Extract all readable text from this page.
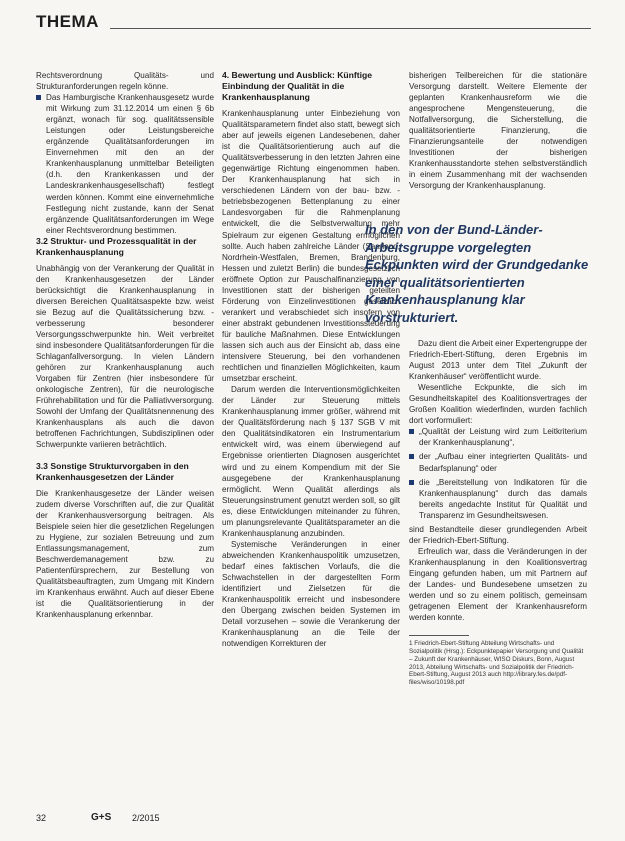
THEMA

Rechtsverordnung Qualitäts- und Strukturanforderungen regeln könne.

Das Hamburgische Krankenhausgesetz wurde mit Wirkung zum 31.12.2014 um einen § 6b ergänzt, wonach für sog. qualitätssensible Leistungen oder Leistungsbereiche ergänzende Qualitätsanforderungen im Einvernehmen mit den an der Krankenhausplanung unmittelbar Beteiligten (d.h. den Krankenkassen und der Landeskrankenhausgesellschaft) festlegt werden können. Kommt eine einvernehmliche Festlegung nicht zustande, kann der Senat ergänzende Qualitätsanforderungen im Wege einer Rechtsverordnung bestimmen.
3.2 Struktur- und Prozessqualität in der Krankenhausplanung

Unabhängig von der Verankerung der Qualität in den Krankenhausgesetzen der Länder berücksichtigt die Krankenhausplanung in diversen Bereichen Qualitätsaspekte bzw. weist sie Bezug auf die Qualitätssicherung bzw. -verbesserung besonderer Versorgungsschwerpunkte hin. Weit verbreitet sind insbesondere Qualitätsanforderungen für die Schlaganfallversorgung. In vielen Ländern gehören zur Krankenhausplanung auch Vorgaben für Zentren (hier insbesondere für onkologische Zentren), für die neurologische Frührehabilitation und für die Palliativversorgung. Sowohl der Umfang der Qualitätsnennenung des Krankenhausplans als auch die davon betroffenen Fachrichtungen, Subdisziplinen oder Schwerpunkte variieren beträchtlich.

3.3 Sonstige Strukturvorgaben in den Krankenhausgesetzen der Länder

Die Krankenhausgesetze der Länder weisen zudem diverse Vorschriften auf, die zur Qualität der Krankenhausversorgung beitragen. Als Beispiele seien hier die gesetzlichen Regelungen zu Hygiene, zur sozialen Betreuung und zum Entlassungsmanagement, zum Beschwerdemanagement bzw. zu Patientenfürsprechern, zur Bestellung von Qualitätsbeauftragten, zum Umgang mit Kindern im Krankenhaus erwähnt. Auch auf dieser Ebene ist die Qualitätsorientierung in der Krankenhausplanung erkennbar.

4. Bewertung und Ausblick: Künftige Einbindung der Qualität in die Krankenhausplanung

Krankenhausplanung unter Einbeziehung von Qualitätsparametern findet also statt, bewegt sich aber auf jeweils eigenen Landesebenen, daher ist die Qualitätsorientierung auch auf die Qualitätsverbesserung in den letzten Jahren eine gegenwärtige Richtung eingenommen haben. Der Krankenhausplanung hat sich in verschiedenen Ländern von der bau- bzw. -betriebsbezogenen Bettenplanung zu einer Landesvorgaben für die Rahmenplanung entwickelt, die die Selbstverwaltung mehr Spielraum zur eigenen Gestaltung ermöglichen sollte. Auch haben zahlreiche Länder (Saarland, Nordrhein-Westfalen, Bremen, Brandenburg, Hessen und zuletzt Berlin) die bundesgesetzlich eröffnete Option zur Pauschalfinanzierung von Investitionen statt der bisherigen geteilten Förderung von Einzelinvestitionen gesetzlich verankert und verabschiedet sich insofern von einer abstrakt gebundenen Investitionssteuerung für bauliche Maßnahmen. Diese Entwicklungen lassen sich auch aus der Einsicht ab, dass eine intensivere Steuerung, bei den vorhandenen rechtlichen und finanziellen Möglichkeiten, kaum umsetzbar erscheint.

Darum werden die Interventionsmöglichkeiten der Länder zur Steuerung mittels Krankenhausplanung immer größer, während mit der Qualitätsförderung nach § 137 SGB V mit den Qualitätsindikatoren ein Instrumentarium entwickelt wird, was einem überwiegend auf Ergebnisse orientierten Diagnosen ausgerichtet wird und zu einem Kompendium mit der Sie ausgegebene der Krankenhausplanung ermöglicht. Wenn Qualität allerdings als Steuerungsinstrument genutzt werden soll, so gilt es, diese Entwicklungen miteinander zu führen, um planungsrelevante Qualitätsparameter an die Krankenhausplanung anzubinden.

Systemische Veränderungen in einer abweichenden Krankenhauspolitik umzusetzen, bedarf eines faktischen Vorlaufs, die die Schwachstellen in der dargestellten Form identifiziert und Zielsetzen für die Krankenhauspolitik erreicht und insbesondere den Übergang zwischen beiden Systemen im Detail vorzusehen – sowie die Verankerung der Krankenhausplanung an die Teile der notwendigen Korrekturen der

bisherigen Teilbereichen für die stationäre Versorgung darstellt. Weitere Elemente der geplanten Krankenhausreform wie die angesprochene Mengensteuerung, die Notfallversorgung, die Sicherstellung, die qualitätsorientierte Finanzierung, die Finanzierungsanteile der notwendigen Investitionen der bisherigen Krankenhausstandorte stehen selbstverständlich in einem Zusammenhang mit der wachsenden Versorgung der Krankenhausplanung.

In den von der Bund-Länder-Arbeitsgruppe vorgelegten Eckpunkten wird der Grundgedanke einer qualitätsorientierten Krankenhausplanung klar vorstrukturiert.

Dazu dient die Arbeit einer Expertengruppe der Friedrich-Ebert-Stiftung, deren Ergebnis im August 2013 unter dem Titel „Zukunft der Krankenhäuser“ veröffentlicht wurde.

Wesentliche Eckpunkte, die sich im Gesundheitskapitel des Koalitionsvertrages der Großen Koalition wiederfinden, wurden fachlich dort vorformuliert:

„Qualität der Leistung wird zum Leitkriterium der Krankenhausplanung“,
der „Aufbau einer integrierten Qualitäts- und Bedarfsplanung“ oder
die „Bereitstellung von Indikatoren für die Krankenhausplanung“ durch das damals bereits angedachte Institut für Qualität und Transparenz im Gesundheitswesen.

sind Bestandteile dieser grundlegenden Arbeit der Friedrich-Ebert-Stiftung.

Erfreulich war, dass die Veränderungen in der Krankenhausplanung in den Koalitionsvertrag Eingang gefunden haben, um mit Partnern auf der Landes- und Bundesebene umsetzen zu werden und so zu einem politisch, gemeinsam getragenen Element der Krankenhausreform werden konnte.

1 Friedrich-Ebert-Stiftung Abteilung Wirtschafts- und Sozialpolitik (Hrsg.): Eckpunktepapier Versorgung und Qualität – Zukunft der Krankenhäuser, WISO Diskurs, Bonn, August 2013, Abteilung Wirtschafts- und Sozialpolitik der Friedrich-Ebert-Stiftung, August 2013 auch http://library.fes.de/pdf-files/wiso/10198.pdf
32	G+S 2/2015
